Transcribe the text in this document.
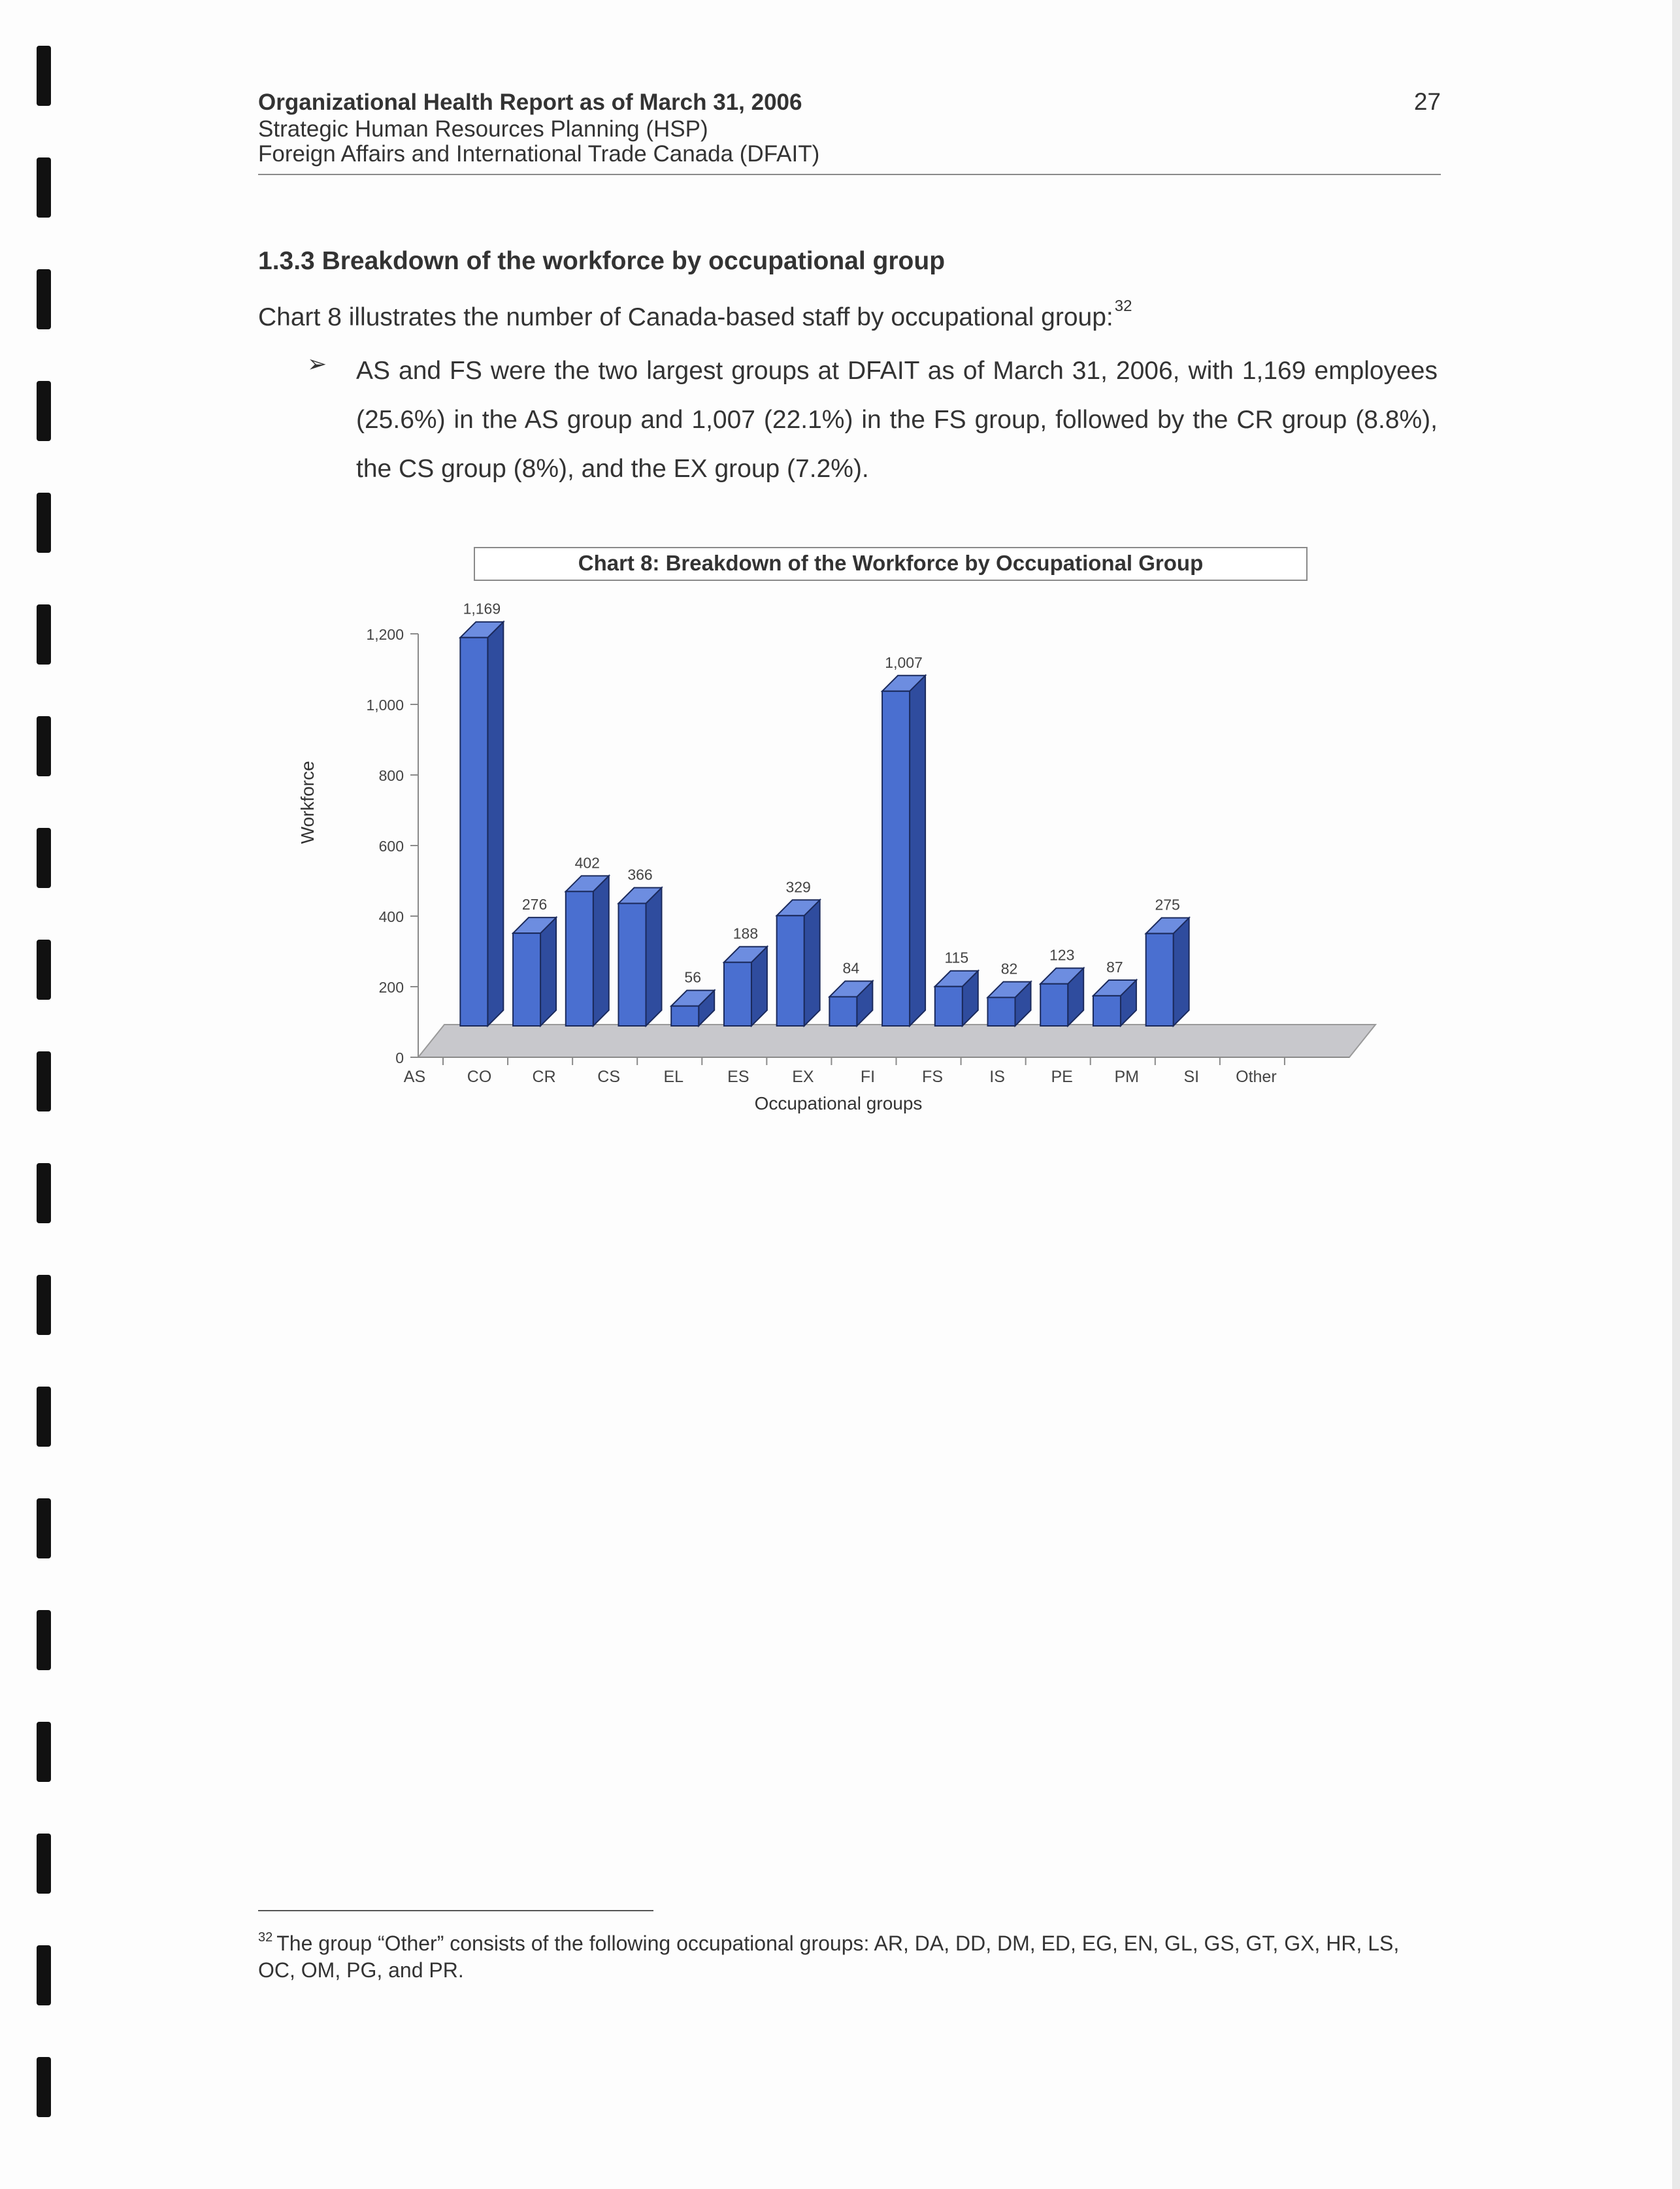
Organizational Health Report as of March 31, 2006

Strategic Human Resources Planning (HSP)

Foreign Affairs and International Trade Canada (DFAIT)

27
1.3.3 Breakdown of the workforce by occupational group

Chart 8 illustrates the number of Canada-based staff by occupational group:$^{32}$

➢ AS and FS were the two largest groups at DFAIT as of March 31, 2006, with 1,169 employees (25.6%) in the AS group and 1,007 (22.1%) in the FS group, followed by the CR group (8.8%), the CS group (8%), and the EX group (7.2%).

Chart 8: Breakdown of the Workforce by Occupational Group
0
200
400
600
800
1,000
1,200
1,169
AS
276
CO
402
CR
366
CS
56
EL
188
ES
329
EX
84
FI
1,007
FS
115
IS
82
PE
123
PM
87
SI
275
Other
Workforce
Occupational groups

$^{32}$ The group “Other” consists of the following occupational groups: AR, DA, DD, DM, ED, EG, EN, GL, GS, GT, GX, HR, LS, OC, OM, PG, and PR.
